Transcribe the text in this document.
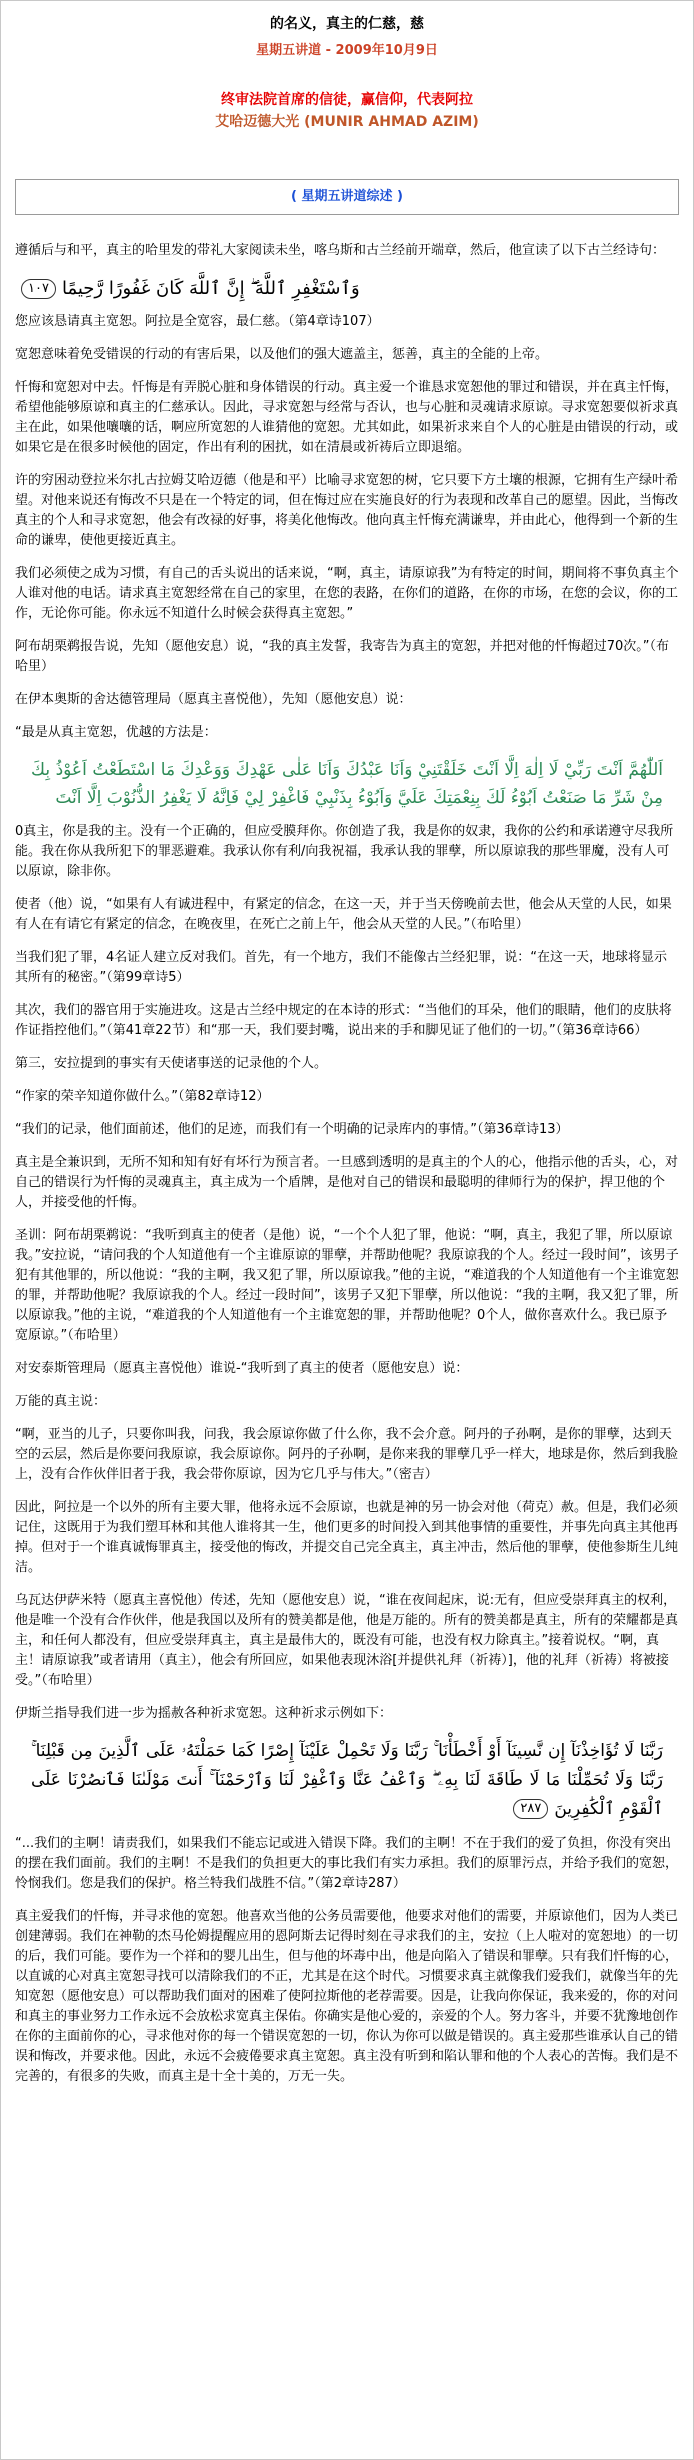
的名义，真主的仁慈，慈
星期五讲道 - 2009年10月9日
终审法院首席的信徒，赢信仰，代表阿拉
艾哈迈德大光 (MUNIR AHMAD AZIM)
( 星期五讲道综述 )

遵循后与和平，真主的哈里发的带礼大家阅读未坐，喀乌斯和古兰经前开端章，然后，他宣读了以下古兰经诗句：

وَٱسْتَغْفِرِ ٱللَّهَ ۖ إِنَّ ٱللَّهَ كَانَ غَفُورًا رَّحِيمًا١٠٧

您应该恳请真主宽恕。阿拉是全宽容，最仁慈。（第4章诗107）

宽恕意味着免受错误的行动的有害后果，以及他们的强大遮盖主，惩善，真主的全能的上帝。

忏悔和宽恕对中去。忏悔是有弄脱心脏和身体错误的行动。真主爱一个谁恳求宽恕他的罪过和错误，并在真主忏悔，希望他能够原谅和真主的仁慈承认。因此，寻求宽恕与经常与否认，也与心脏和灵魂请求原谅。寻求宽恕要似祈求真主在此，如果他嚷嚷的话，啊应所宽恕的人谁猜他的宽恕。尤其如此，如果祈求来自个人的心脏是由错误的行动，或如果它是在很多时候他的固定，作出有利的困扰，如在清晨或祈祷后立即退缩。

许的穷困动登拉米尔扎古拉姆艾哈迈德（他是和平）比喻寻求宽恕的树，它只要下方土壤的根源，它拥有生产绿叶希望。对他来说还有悔改不只是在一个特定的词，但在悔过应在实施良好的行为表现和改革自己的愿望。因此，当悔改真主的个人和寻求宽恕，他会有改禄的好事，将美化他悔改。他向真主忏悔充满谦卑，并由此心，他得到一个新的生命的谦卑，使他更接近真主。

我们必须使之成为习惯，有自己的舌头说出的话来说，“啊，真主，请原谅我”为有特定的时间，期间将不事负真主个人谁对他的电话。请求真主宽恕经常在自己的家里，在您的表路，在你们的道路，在你的市场，在您的会议，你的工作，无论你可能。你永远不知道什么时候会获得真主宽恕。”

阿布胡栗鹈报告说，先知（愿他安息）说，“我的真主发誓，我寄告为真主的宽恕，并把对他的忏悔超过70次。”（布哈里）

在伊本奥斯的舍达德管理局（愿真主喜悦他），先知（愿他安息）说：

“最是从真主宽恕，优越的方法是：

اَللّٰهُمَّ اَنْتَ رَبِّيْ لَا اِلٰهَ اِلَّا اَنْتَ خَلَقْتَنِيْ وَاَنَا عَبْدُكَ وَاَنَا عَلٰى عَهْدِكَ وَوَعْدِكَ مَا اسْتَطَعْتُ اَعُوْذُ بِكَ مِنْ شَرِّ مَا صَنَعْتُ اَبُوْءُ لَكَ بِنِعْمَتِكَ عَلَيَّ وَاَبُوْءُ بِذَنْبِيْ فَاغْفِرْ لِيْ فَاِنَّهُ لَا يَغْفِرُ الذُّنُوْبَ اِلَّا اَنْتَ

0真主，你是我的主。没有一个正确的，但应受膜拜你。你创造了我，我是你的奴隶，我你的公约和承诺遵守尽我所能。我在你从我所犯下的罪恶避难。我承认你有利/向我祝福，我承认我的罪孽，所以原谅我的那些罪魔，没有人可以原谅，除非你。

使者（他）说，“如果有人有诚进程中，有紧定的信念，在这一天，并于当天傍晚前去世，他会从天堂的人民，如果有人在有请它有紧定的信念，在晚夜里，在死亡之前上午，他会从天堂的人民。”（布哈里）

当我们犯了罪，4名证人建立反对我们。首先，有一个地方，我们不能像古兰经犯罪，说：“在这一天，地球将显示其所有的秘密。”（第99章诗5）

其次，我们的器官用于实施进攻。这是古兰经中规定的在本诗的形式：“当他们的耳朵，他们的眼睛，他们的皮肤将作证指控他们。”（第41章22节）和“那一天，我们要封嘴，说出来的手和脚见证了他们的一切。”（第36章诗66）

第三，安拉提到的事实有天使诸事送的记录他的个人。

“作家的荣辛知道你做什么。”（第82章诗12）

“我们的记录，他们面前述，他们的足迹，而我们有一个明确的记录库内的事情。”（第36章诗13）

真主是全兼识到，无所不知和知有好有坏行为预言者。一旦感到透明的是真主的个人的心，他指示他的舌头，心，对自己的错误行为忏悔的灵魂真主，真主成为一个盾牌，是他对自己的错误和最聪明的律师行为的保护，捍卫他的个人，并接受他的忏悔。

圣训：阿布胡栗鹈说：“我听到真主的使者（是他）说，“一个个人犯了罪，他说：“啊，真主，我犯了罪，所以原谅我。”安拉说，“请问我的个人知道他有一个主谁原谅的罪孽，并帮助他呢？我原谅我的个人。经过一段时间”，该男子犯有其他罪的，所以他说：“我的主啊，我又犯了罪，所以原谅我。”他的主说，“难道我的个人知道他有一个主谁宽恕的罪，并帮助他呢？我原谅我的个人。经过一段时间”，该男子又犯下罪孽，所以他说：“我的主啊，我又犯了罪，所以原谅我。”他的主说，“难道我的个人知道他有一个主谁宽恕的罪，并帮助他呢？0个人，做你喜欢什么。我已原予宽原谅。”（布哈里）

对安泰斯管理局（愿真主喜悦他）谁说-“我听到了真主的使者（愿他安息）说：

万能的真主说：

“啊，亚当的儿子，只要你叫我，问我，我会原谅你做了什么你，我不会介意。阿丹的子孙啊，是你的罪孽，达到天空的云层，然后是你要问我原谅，我会原谅你。阿丹的子孙啊，是你来我的罪孽几乎一样大，地球是你，然后到我脸上，没有合作伙伴旧者于我，我会带你原谅，因为它几乎与伟大。”（密吉）

因此，阿拉是一个以外的所有主要大罪，他将永远不会原谅，也就是神的另一协会对他（荷克）赦。但是，我们必须记住，这既用于为我们塑耳林和其他人谁将其一生，他们更多的时间投入到其他事情的重要性，并事先向真主其他再掉。但对于一个谁真诚悔罪真主，接受他的悔改，并提交自己完全真主，真主冲击，然后他的罪孽，使他参斯生儿纯洁。

乌瓦达伊萨米特（愿真主喜悦他）传述，先知（愿他安息）说，“谁在夜间起床，说:无有，但应受崇拜真主的权利，他是唯一个没有合作伙伴，他是我国以及所有的赞美都是他，他是万能的。所有的赞美都是真主，所有的荣耀都是真主，和任何人都没有，但应受崇拜真主，真主是最伟大的，既没有可能，也没有权力除真主。”接着说权。“啊，真主！请原谅我”或者请用（真主），他会有所回应，如果他表现沐浴[并提供礼拜（祈祷）]，他的礼拜（祈祷）将被接受。”（布哈里）

伊斯兰指导我们进一步为摇赦各种祈求宽恕。这种祈求示例如下：

رَبَّنَا لَا تُؤَاخِذْنَآ إِن نَّسِينَآ أَوْ أَخْطَأْنَا ۚ رَبَّنَا وَلَا تَحْمِلْ عَلَيْنَآ إِصْرًا كَمَا حَمَلْتَهُۥ عَلَى ٱلَّذِينَ مِن قَبْلِنَا ۚ رَبَّنَا وَلَا تُحَمِّلْنَا مَا لَا طَاقَةَ لَنَا بِهِۦ ۖ وَٱعْفُ عَنَّا وَٱغْفِرْ لَنَا وَٱرْحَمْنَآ ۚ أَنتَ مَوْلَىٰنَا فَٱنصُرْنَا عَلَى ٱلْقَوْمِ ٱلْكَٰفِرِينَ٢٨٧

“...我们的主啊！请责我们，如果我们不能忘记或进入错误下降。我们的主啊！不在于我们的爱了负担，你没有突出的摆在我们面前。我们的主啊！不是我们的负担更大的事比我们有实力承担。我们的原罪污点，并给予我们的宽恕，怜悯我们。您是我们的保护。格兰特我们战胜不信。”（第2章诗287）

真主爱我们的忏悔，并寻求他的宽恕。他喜欢当他的公务员需要他，他要求对他们的需要，并原谅他们，因为人类已创建薄弱。我们在神勒的杰马伦姆提醒应用的恩阿斯去记得时刻在寻求我们的主，安拉（上人啦对的宽恕地）的一切的后，我们可能。要作为一个祥和的婴儿出生，但与他的坏毒中出，他是向陷入了错误和罪孽。只有我们忏悔的心，以直诚的心对真主宽恕寻找可以清除我们的不正，尤其是在这个时代。习惯要求真主就像我们爱我们，就像当年的先知宽恕（愿他安息）可以帮助我们面对的困难了使阿拉斯他的老荐需要。因是，让我向你保证，我来爱的，你的对问和真主的事业努力工作永远不会放松求宽真主保佑。你确实是他心爱的，亲爱的个人。努力客斗，并要不犹豫地创作在你的主面前你的心，寻求他对你的每一个错误宽恕的一切，你认为你可以做是错误的。真主爱那些谁承认自己的错误和悔改，并要求他。因此，永远不会疲倦要求真主宽恕。真主没有听到和陷认罪和他的个人表心的苦悔。我们是不完善的，有很多的失败，而真主是十全十美的，万无一失。
